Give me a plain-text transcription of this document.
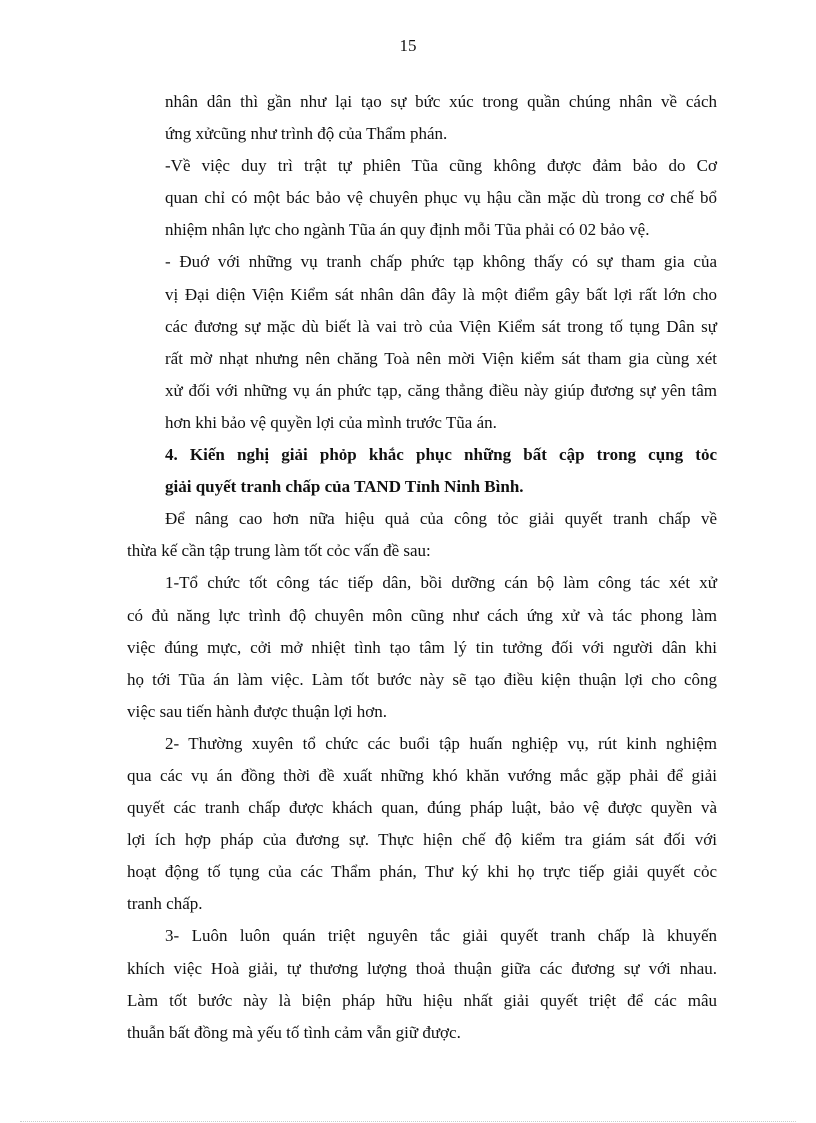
15
nhân dân thì gần như lại tạo sự bức xúc trong quần chúng nhân về cách
ứng xửcũng như trình độ của Thẩm phán.
-Về việc duy trì trật tự phiên Tũa cũng không được đảm bảo do Cơ
quan chỉ có một bác bảo vệ chuyên phục vụ hậu cần mặc dù trong cơ chế bổ
nhiệm nhân lực cho ngành Tũa án quy định mỗi Tũa phải có 02 bảo vệ.
- Đuớ với những vụ tranh chấp phức tạp không thấy có sự tham gia của
vị Đại diện Viện Kiểm sát nhân dân đây là một điểm gây bất lợi rất lớn cho
các đương sự mặc dù biết là vai trò của Viện Kiểm sát trong tố tụng Dân sự
rất mờ nhạt nhưng nên chăng Toà nên mời Viện kiểm sát tham gia cùng xét
xử đối với những vụ án phức tạp, căng thẳng điều này giúp đương sự yên tâm
hơn khi bảo vệ quyền lợi của mình trước Tũa án.
4. Kiến nghị giải phỏp khắc phục những bất cập trong cụng tỏc
giải quyết tranh chấp của TAND Tỉnh Ninh Bình.
Để nâng cao hơn nữa hiệu quả của công tỏc giải quyết tranh chấp về
thừa kế cần tập trung làm tốt cỏc vấn đề sau:
1-Tổ chức tốt công tác tiếp dân, bồi dưỡng cán bộ làm công tác xét xử
có đủ năng lực trình độ chuyên môn cũng như cách ứng xử và tác phong làm
việc đúng mực, cởi mở nhiệt tình tạo tâm lý tin tưởng đối với người dân khi
họ tới Tũa án làm việc. Làm tốt bước này sẽ tạo điều kiện thuận lợi cho công
việc sau tiến hành được thuận lợi hơn.
2- Thường xuyên tổ chức các buổi tập huấn nghiệp vụ, rút kinh nghiệm
qua các vụ án đồng thời đề xuất những khó khăn vướng mắc gặp phải để giải
quyết các tranh chấp được khách quan, đúng pháp luật, bảo vệ được quyền và
lợi ích hợp pháp của đương sự. Thực hiện chế độ kiểm tra giám sát đối với
hoạt động tố tụng của các Thẩm phán, Thư ký khi họ trực tiếp giải quyết cỏc
tranh chấp.
3- Luôn luôn quán triệt nguyên tắc giải quyết tranh chấp là khuyến
khích việc Hoà giải, tự thương lượng thoả thuận giữa các đương sự với nhau.
Làm tốt bước này là biện pháp hữu hiệu nhất giải quyết triệt để các mâu
thuẫn bất đồng mà yếu tố tình cảm vẫn giữ được.
